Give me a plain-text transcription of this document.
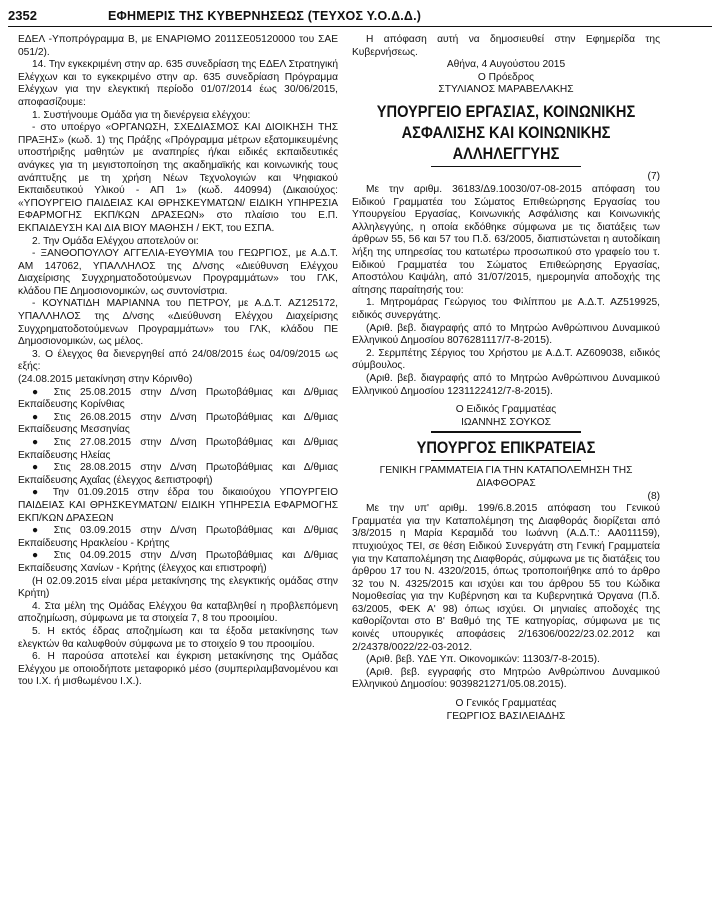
2352	ΕΦΗΜΕΡΙΣ ΤΗΣ ΚΥΒΕΡΝΗΣΕΩΣ (ΤΕΥΧΟΣ Υ.Ο.Δ.Δ.)

ΕΔΕΛ -Υποπρόγραμμα Β, με ΕΝΑΡΙΘΜΟ 2011ΣΕ05120000 του ΣΑΕ 051/2).

14. Την εγκεκριμένη στην αρ. 635 συνεδρίαση της ΕΔΕΛ Στρατηγική Ελέγχων και το εγκεκριμένο στην αρ. 635 συνεδρίαση Πρόγραμμα Ελέγχων για την ελεγκτική περίοδο 01/07/2014 έως 30/06/2015, αποφασίζουμε:

1. Συστήνουμε Ομάδα για τη διενέργεια ελέγχου:

- στο υποέργο «ΟΡΓΑΝΩΣΗ, ΣΧΕΔΙΑΣΜΟΣ ΚΑΙ ΔΙΟΙΚΗΣΗ ΤΗΣ ΠΡΑΞΗΣ» (κωδ. 1) της Πράξης «Πρόγραμμα μέτρων εξατομικευμένης υποστήριξης μαθητών με αναπηρίες ή/και ειδικές εκπαιδευτικές ανάγκες για τη μεγιστοποίηση της ακαδημαϊκής και κοινωνικής τους ανάπτυξης με τη χρήση Νέων Τεχνολογιών και Ψηφιακού Εκπαιδευτικού Υλικού - ΑΠ 1» (κωδ. 440994) (Δικαιούχος: «ΥΠΟΥΡΓΕΙΟ ΠΑΙΔΕΙΑΣ ΚΑΙ ΘΡΗΣΚΕΥΜΑΤΩΝ/ ΕΙΔΙΚΗ ΥΠΗΡΕΣΙΑ ΕΦΑΡΜΟΓΗΣ ΕΚΠ/ΚΩΝ ΔΡΑΣΕΩΝ» στο πλαίσιο του Ε.Π. ΕΚΠΑΙΔΕΥΣΗ ΚΑΙ ΔΙΑ ΒΙΟΥ ΜΑΘΗΣΗ / ΕΚΤ, του ΕΣΠΑ.

2. Την Ομάδα Ελέγχου αποτελούν οι:

- ΞΑΝΘΟΠΟΥΛΟΥ ΑΓΓΕΛΙΑ-ΕΥΘΥΜΙΑ του ΓΕΩΡΓΙΟΣ, με Α.Δ.Τ. ΑΜ 147062, ΥΠΑΛΛΗΛΟΣ της Δ/νσης «Διεύθυνση Ελέγχου Διαχείρισης Συγχρηματοδοτούμενων Προγραμμάτων» του ΓΛΚ, κλάδου ΠΕ Δημοσιονομικών, ως συντονίστρια.

- ΚΟΥΝΑΤΙΔΗ ΜΑΡΙΑΝΝΑ του ΠΕΤΡΟΥ, με Α.Δ.Τ. ΑΖ125172, ΥΠΑΛΛΗΛΟΣ της Δ/νσης «Διεύθυνση Ελέγχου Διαχείρισης Συγχρηματοδοτούμενων Προγραμμάτων» του ΓΛΚ, κλάδου ΠΕ Δημοσιονομικών, ως μέλος.

3. Ο έλεγχος θα διενεργηθεί από 24/08/2015 έως 04/09/2015 ως εξής:

(24.08.2015 μετακίνηση στην Κόρινθο)

● Στις 25.08.2015 στην Δ/νση Πρωτοβάθμιας και Δ/θμιας Εκπαίδευσης Κορίνθιας

● Στις 26.08.2015 στην Δ/νση Πρωτοβάθμιας και Δ/θμιας Εκπαίδευσης Μεσσηνίας

● Στις 27.08.2015 στην Δ/νση Πρωτοβάθμιας και Δ/θμιας Εκπαίδευσης Ηλείας

● Στις 28.08.2015 στην Δ/νση Πρωτοβάθμιας και Δ/θμιας Εκπαίδευσης Αχαΐας (έλεγχος &επιστροφή)

● Την 01.09.2015 στην έδρα του δικαιούχου ΥΠΟΥΡΓΕΙΟ ΠΑΙΔΕΙΑΣ ΚΑΙ ΘΡΗΣΚΕΥΜΑΤΩΝ/ ΕΙΔΙΚΗ ΥΠΗΡΕΣΙΑ ΕΦΑΡΜΟΓΗΣ ΕΚΠ/ΚΩΝ ΔΡΑΣΕΩΝ

● Στις 03.09.2015 στην Δ/νση Πρωτοβάθμιας και Δ/θμιας Εκπαίδευσης Ηρακλείου - Κρήτης

● Στις 04.09.2015 στην Δ/νση Πρωτοβάθμιας και Δ/θμιας Εκπαίδευσης Χανίων - Κρήτης (έλεγχος και επιστροφή)

(Η 02.09.2015 είναι μέρα μετακίνησης της ελεγκτικής ομάδας στην Κρήτη)

4. Στα μέλη της Ομάδας Ελέγχου θα καταβληθεί η προβλεπόμενη αποζημίωση, σύμφωνα με τα στοιχεία 7, 8 του προοιμίου.

5. Η εκτός έδρας αποζημίωση και τα έξοδα μετακίνησης των ελεγκτών θα καλυφθούν σύμφωνα με το στοιχείο 9 του προοιμίου.

6. Η παρούσα αποτελεί και έγκριση μετακίνησης της Ομάδας Ελέγχου με οποιοδήποτε μεταφορικό μέσο (συμπεριλαμβανομένου και του Ι.Χ. ή μισθωμένου Ι.Χ.).

Η απόφαση αυτή να δημοσιευθεί στην Εφημερίδα της Κυβερνήσεως.

Αθήνα, 4 Αυγούστου 2015

Ο Πρόεδρος

ΣΤΥΛΙΑΝΟΣ ΜΑΡΑΒΕΛΑΚΗΣ

ΥΠΟΥΡΓΕΙΟ ΕΡΓΑΣΙΑΣ, ΚΟΙΝΩΝΙΚΗΣ ΑΣΦΑΛΙΣΗΣ ΚΑΙ ΚΟΙΝΩΝΙΚΗΣ ΑΛΛΗΛΕΓΓΥΗΣ

(7)

Με την αριθμ. 36183/Δ9.10030/07-08-2015 απόφαση του Ειδικού Γραμματέα του Σώματος Επιθεώρησης Εργασίας του Υπουργείου Εργασίας, Κοινωνικής Ασφάλισης και Κοινωνικής Αλληλεγγύης, η οποία εκδόθηκε σύμφωνα με τις διατάξεις των άρθρων 55, 56 και 57 του Π.δ. 63/2005, διαπιστώνεται η αυτοδίκαιη λήξη της υπηρεσίας του κατωτέρω προσωπικού στο γραφείο του τ. Ειδικού Γραμματέα του Σώματος Επιθεώρησης Εργασίας, Αποστόλου Καψάλη, από 31/07/2015, ημερομηνία αποδοχής της αίτησης παραίτησής του:

1. Μητρομάρας Γεώργιος του Φιλίππου με Α.Δ.Τ. ΑΖ519925, ειδικός συνεργάτης.

(Αριθ. βεβ. διαγραφής από το Μητρώο Ανθρώπινου Δυναμικού Ελληνικού Δημοσίου 8076281117/7-8-2015).

2. Σερμπέτης Σέργιος του Χρήστου με Α.Δ.Τ. ΑΖ609038, ειδικός σύμβουλος.

(Αριθ. βεβ. διαγραφής από το Μητρώο Ανθρώπινου Δυναμικού Ελληνικού Δημοσίου 1231122412/7-8-2015).

Ο Ειδικός Γραμματέας

ΙΩΑΝΝΗΣ ΣΟΥΚΟΣ

ΥΠΟΥΡΓΟΣ ΕΠΙΚΡΑΤΕΙΑΣ

ΓΕΝΙΚΗ ΓΡΑΜΜΑΤΕΙΑ ΓΙΑ ΤΗΝ ΚΑΤΑΠΟΛΕΜΗΣΗ ΤΗΣ ΔΙΑΦΘΟΡΑΣ

(8)

Με την υπ' αριθμ. 199/6.8.2015 απόφαση του Γενικού Γραμματέα για την Καταπολέμηση της Διαφθοράς διορίζεται από 3/8/2015 η Μαρία Κεραμιδά του Ιωάννη (Α.Δ.Τ.: ΑΑ011159), πτυχιούχος ΤΕΙ, σε θέση Ειδικού Συνεργάτη στη Γενική Γραμματεία για την Καταπολέμηση της Διαφθοράς, σύμφωνα με τις διατάξεις του άρθρου 17 του Ν. 4320/2015, όπως τροποποιήθηκε από το άρθρο 32 του Ν. 4325/2015 και ισχύει και του άρθρου 55 του Κώδικα Νομοθεσίας για την Κυβέρνηση και τα Κυβερνητικά Όργανα (Π.δ. 63/2005, ΦΕΚ Α' 98) όπως ισχύει. Οι μηνιαίες αποδοχές της καθορίζονται στο Β' Βαθμό της ΤΕ κατηγορίας, σύμφωνα με τις κοινές υπουργικές αποφάσεις 2/16306/0022/23.02.2012 και 2/24378/0022/22-03-2012.

(Αριθ. βεβ. ΥΔΕ Υπ. Οικονομικών: 11303/7-8-2015).

(Αριθ. βεβ. εγγραφής στο Μητρώο Ανθρώπινου Δυναμικού Ελληνικού Δημοσίου: 9039821271/05.08.2015).

Ο Γενικός Γραμματέας

ΓΕΩΡΓΙΟΣ ΒΑΣΙΛΕΙΑΔΗΣ
